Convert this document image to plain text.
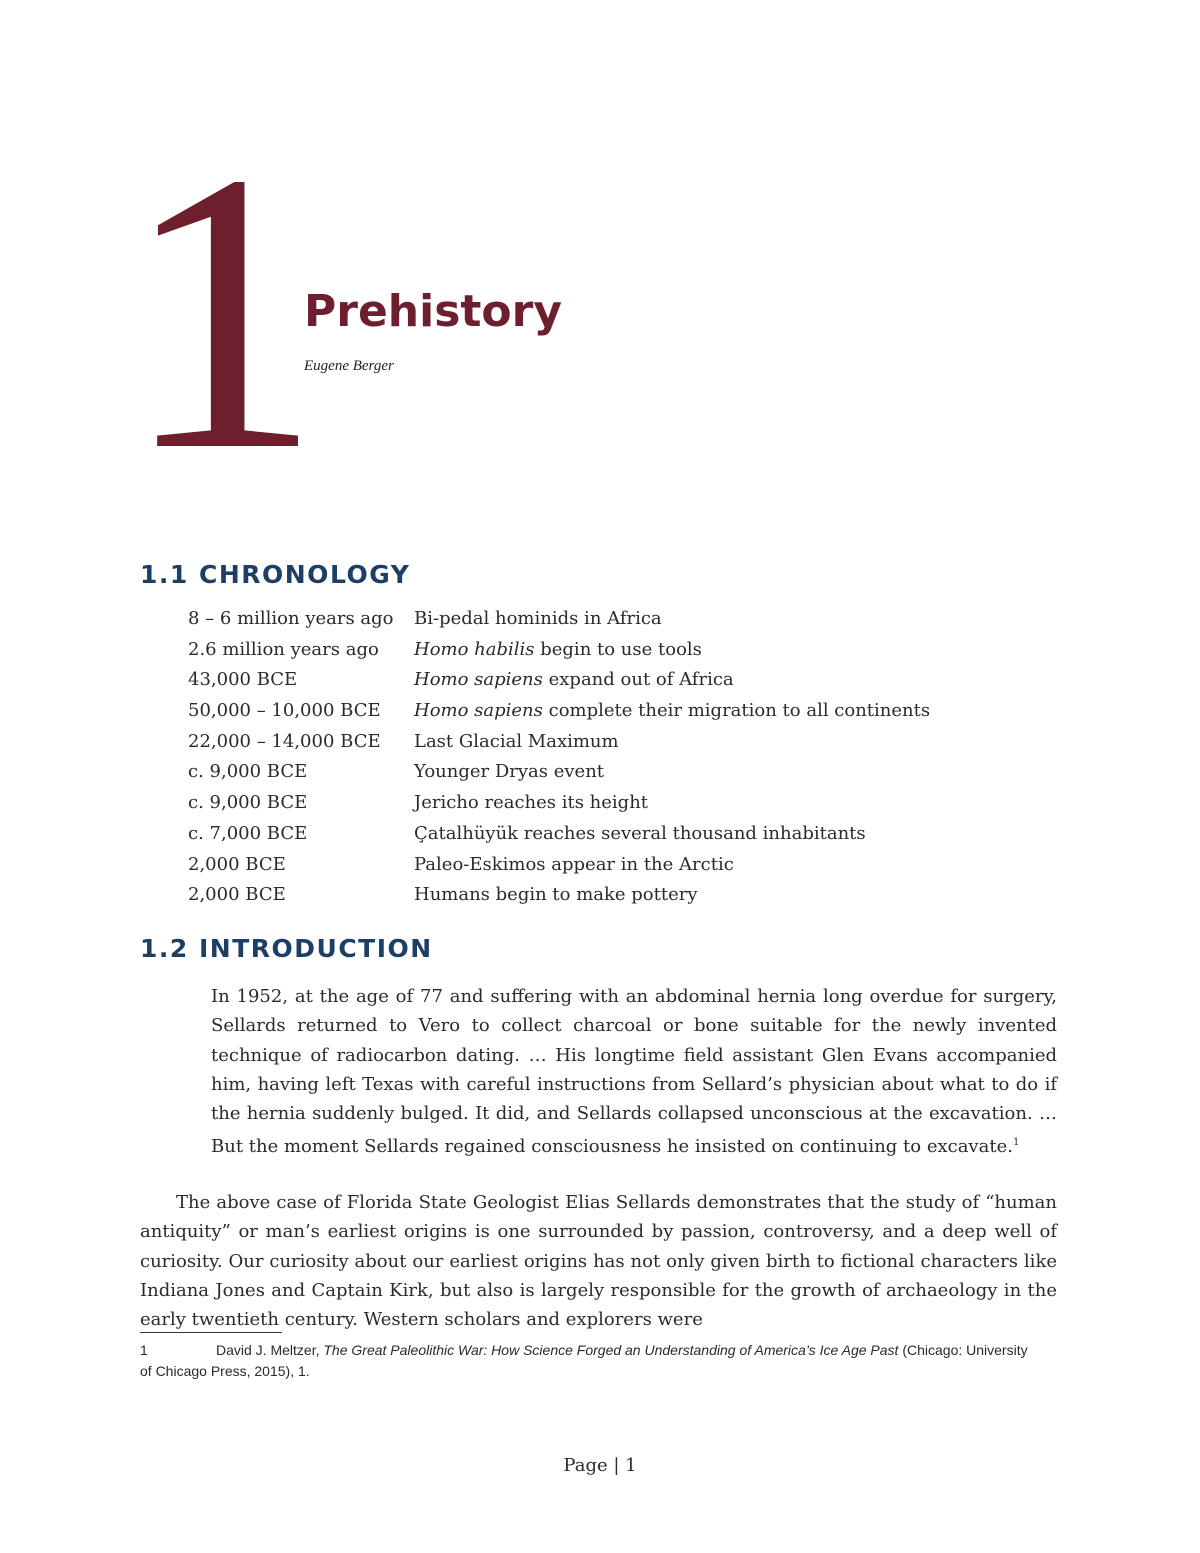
1
Prehistory
Eugene Berger
1.1 CHRONOLOGY
8 – 6 million years ago	Bi-pedal hominids in Africa
2.6 million years ago	Homo habilis begin to use tools
43,000 BCE	Homo sapiens expand out of Africa
50,000 – 10,000 BCE	Homo sapiens complete their migration to all continents
22,000 – 14,000 BCE	Last Glacial Maximum
c. 9,000 BCE	Younger Dryas event
c. 9,000 BCE	Jericho reaches its height
c. 7,000 BCE	Çatalhüyük reaches several thousand inhabitants
2,000 BCE	Paleo-Eskimos appear in the Arctic
2,000 BCE	Humans begin to make pottery
1.2 INTRODUCTION

In 1952, at the age of 77 and suffering with an abdominal hernia long overdue for surgery, Sellards returned to Vero to collect charcoal or bone suitable for the newly invented technique of radiocarbon dating. … His longtime field assistant Glen Evans accompanied him, having left Texas with careful instructions from Sellard’s physician about what to do if the hernia suddenly bulged. It did, and Sellards collapsed unconscious at the excavation. … But the moment Sellards regained consciousness he insisted on continuing to excavate.$^1$

The above case of Florida State Geologist Elias Sellards demonstrates that the study of “human antiquity” or man’s earliest origins is one surrounded by passion, controversy, and a deep well of curiosity. Our curiosity about our earliest origins has not only given birth to fictional characters like Indiana Jones and Captain Kirk, but also is largely responsible for the growth of archaeology in the early twentieth century. Western scholars and explorers were

1	David J. Meltzer, The Great Paleolithic War: How Science Forged an Understanding of America’s Ice Age Past (Chicago: University of Chicago Press, 2015), 1.
Page | 1
